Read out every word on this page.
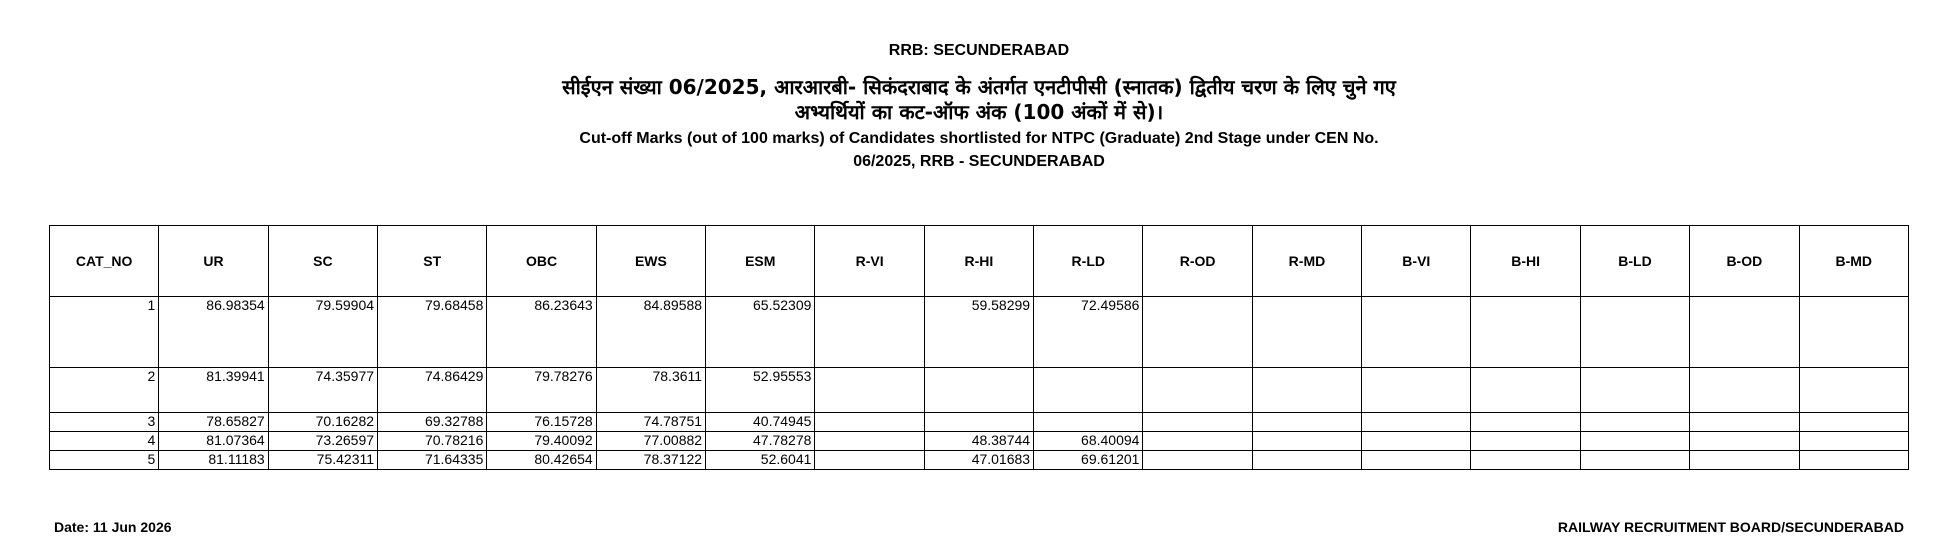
RRB: SECUNDERABAD
सीईएन संख्या 06/2025, आरआरबी- सिकंदराबाद के अंतर्गत एनटीपीसी (स्नातक) द्वितीय चरण के लिए चुने गए
अभ्यर्थियों का कट-ऑफ अंक (100 अंकों में से)।
Cut-off Marks (out of 100 marks) of Candidates shortlisted for NTPC (Graduate) 2nd Stage under CEN No.
06/2025, RRB - SECUNDERABAD
CAT_NO	UR	SC	ST	OBC	EWS	ESM	R-VI	R-HI	R-LD	R-OD	R-MD	B-VI	B-HI	B-LD	B-OD	B-MD
1	86.98354	79.59904	79.68458	86.23643	84.89588	65.52309		59.58299	72.49586							
2	81.39941	74.35977	74.86429	79.78276	78.3611	52.95553										
3	78.65827	70.16282	69.32788	76.15728	74.78751	40.74945										
4	81.07364	73.26597	70.78216	79.40092	77.00882	47.78278		48.38744	68.40094							
5	81.11183	75.42311	71.64335	80.42654	78.37122	52.6041		47.01683	69.61201							
Date: 11 Jun 2026	RAILWAY RECRUITMENT BOARD/SECUNDERABAD
